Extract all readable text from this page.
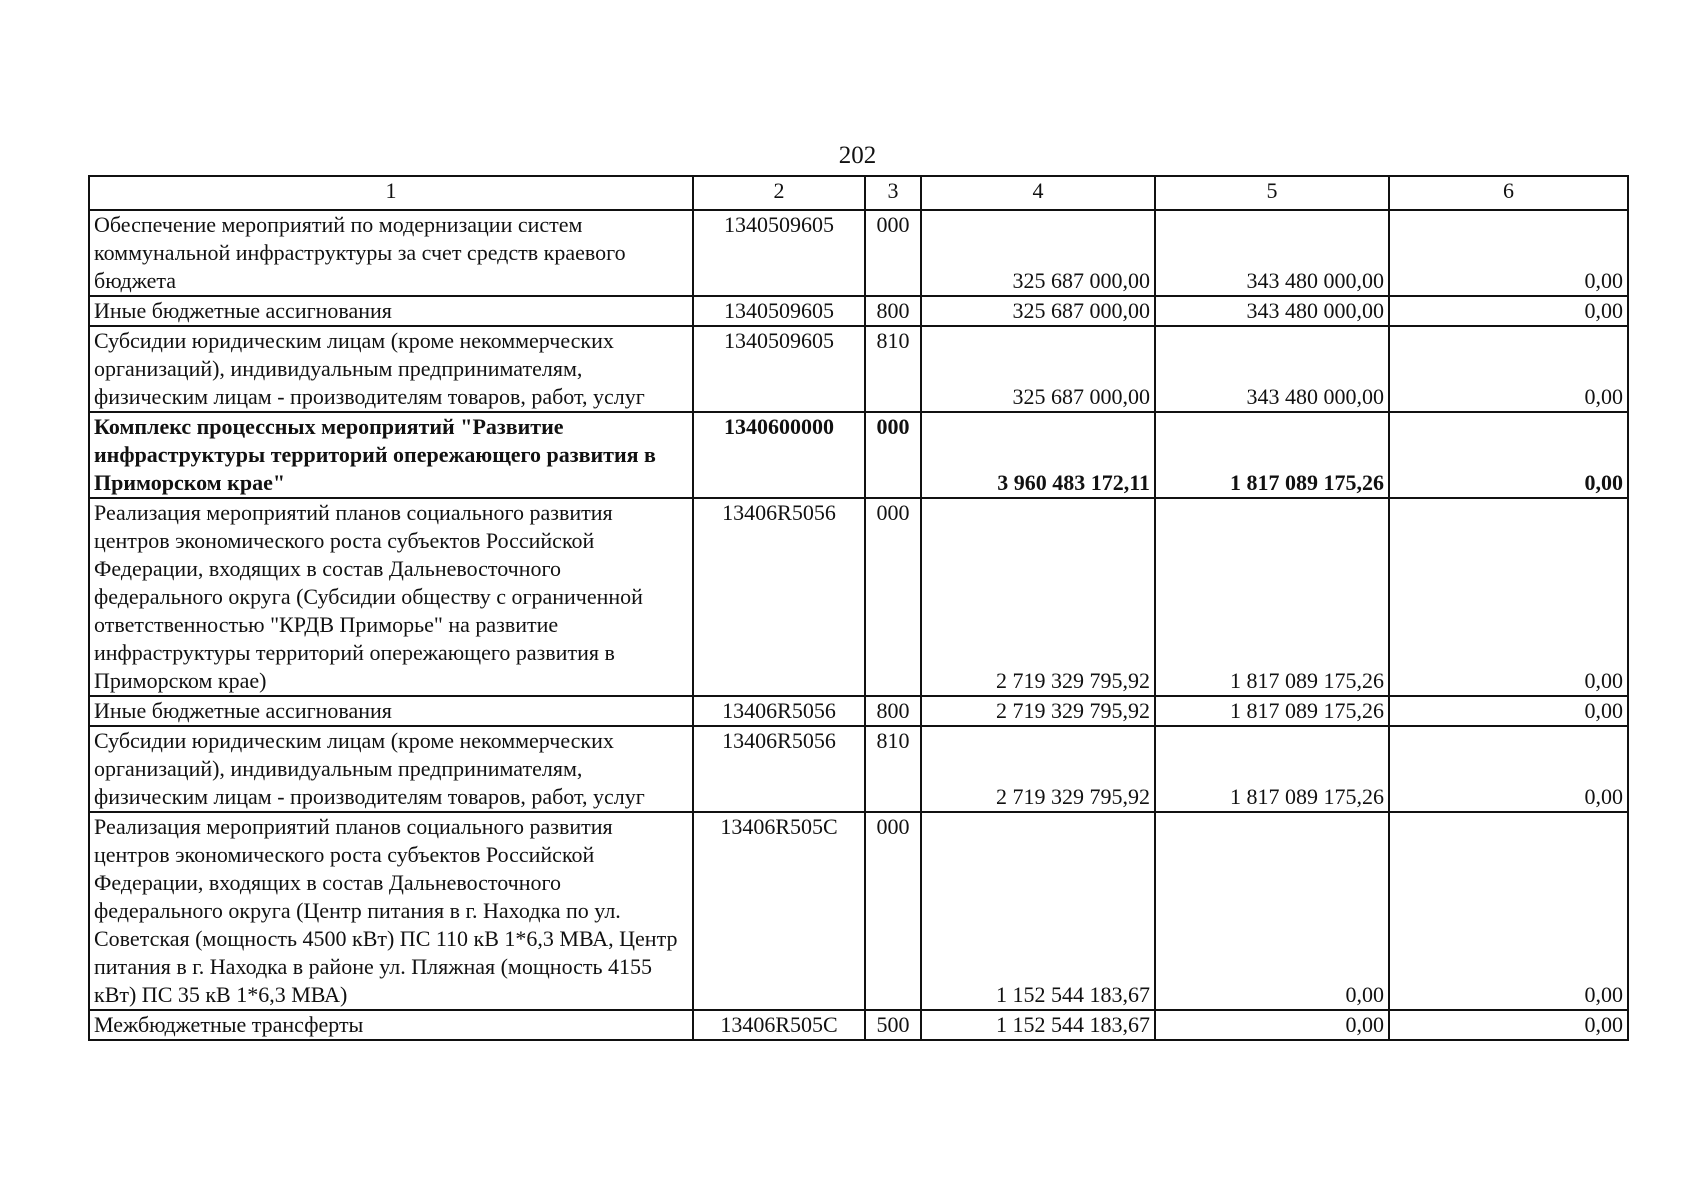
202
1	2	3	4	5	6
Обеспечение мероприятий по модернизации систем коммунальной инфраструктуры за счет средств краевого бюджета	1340509605	000	325 687 000,00	343 480 000,00	0,00
Иные бюджетные ассигнования	1340509605	800	325 687 000,00	343 480 000,00	0,00
Субсидии юридическим лицам (кроме некоммерческих организаций), индивидуальным предпринимателям, физическим лицам - производителям товаров, работ, услуг	1340509605	810	325 687 000,00	343 480 000,00	0,00
Комплекс процессных мероприятий "Развитие инфраструктуры территорий опережающего развития в Приморском крае"	1340600000	000	3 960 483 172,11	1 817 089 175,26	0,00
Реализация мероприятий планов социального развития центров экономического роста субъектов Российской Федерации, входящих в состав Дальневосточного федерального округа (Субсидии обществу с ограниченной ответственностью "КРДВ Приморье" на развитие инфраструктуры территорий опережающего развития в Приморском крае)	13406R5056	000	2 719 329 795,92	1 817 089 175,26	0,00
Иные бюджетные ассигнования	13406R5056	800	2 719 329 795,92	1 817 089 175,26	0,00
Субсидии юридическим лицам (кроме некоммерческих организаций), индивидуальным предпринимателям, физическим лицам - производителям товаров, работ, услуг	13406R5056	810	2 719 329 795,92	1 817 089 175,26	0,00
Реализация мероприятий планов социального развития центров экономического роста субъектов Российской Федерации, входящих в состав Дальневосточного федерального округа (Центр питания в г. Находка по ул. Советская (мощность 4500 кВт) ПС 110 кВ 1*6,3 МВА, Центр питания в г. Находка в районе ул. Пляжная (мощность 4155 кВт) ПС 35 кВ 1*6,3 МВА)	13406R505C	000	1 152 544 183,67	0,00	0,00
Межбюджетные трансферты	13406R505C	500	1 152 544 183,67	0,00	0,00
